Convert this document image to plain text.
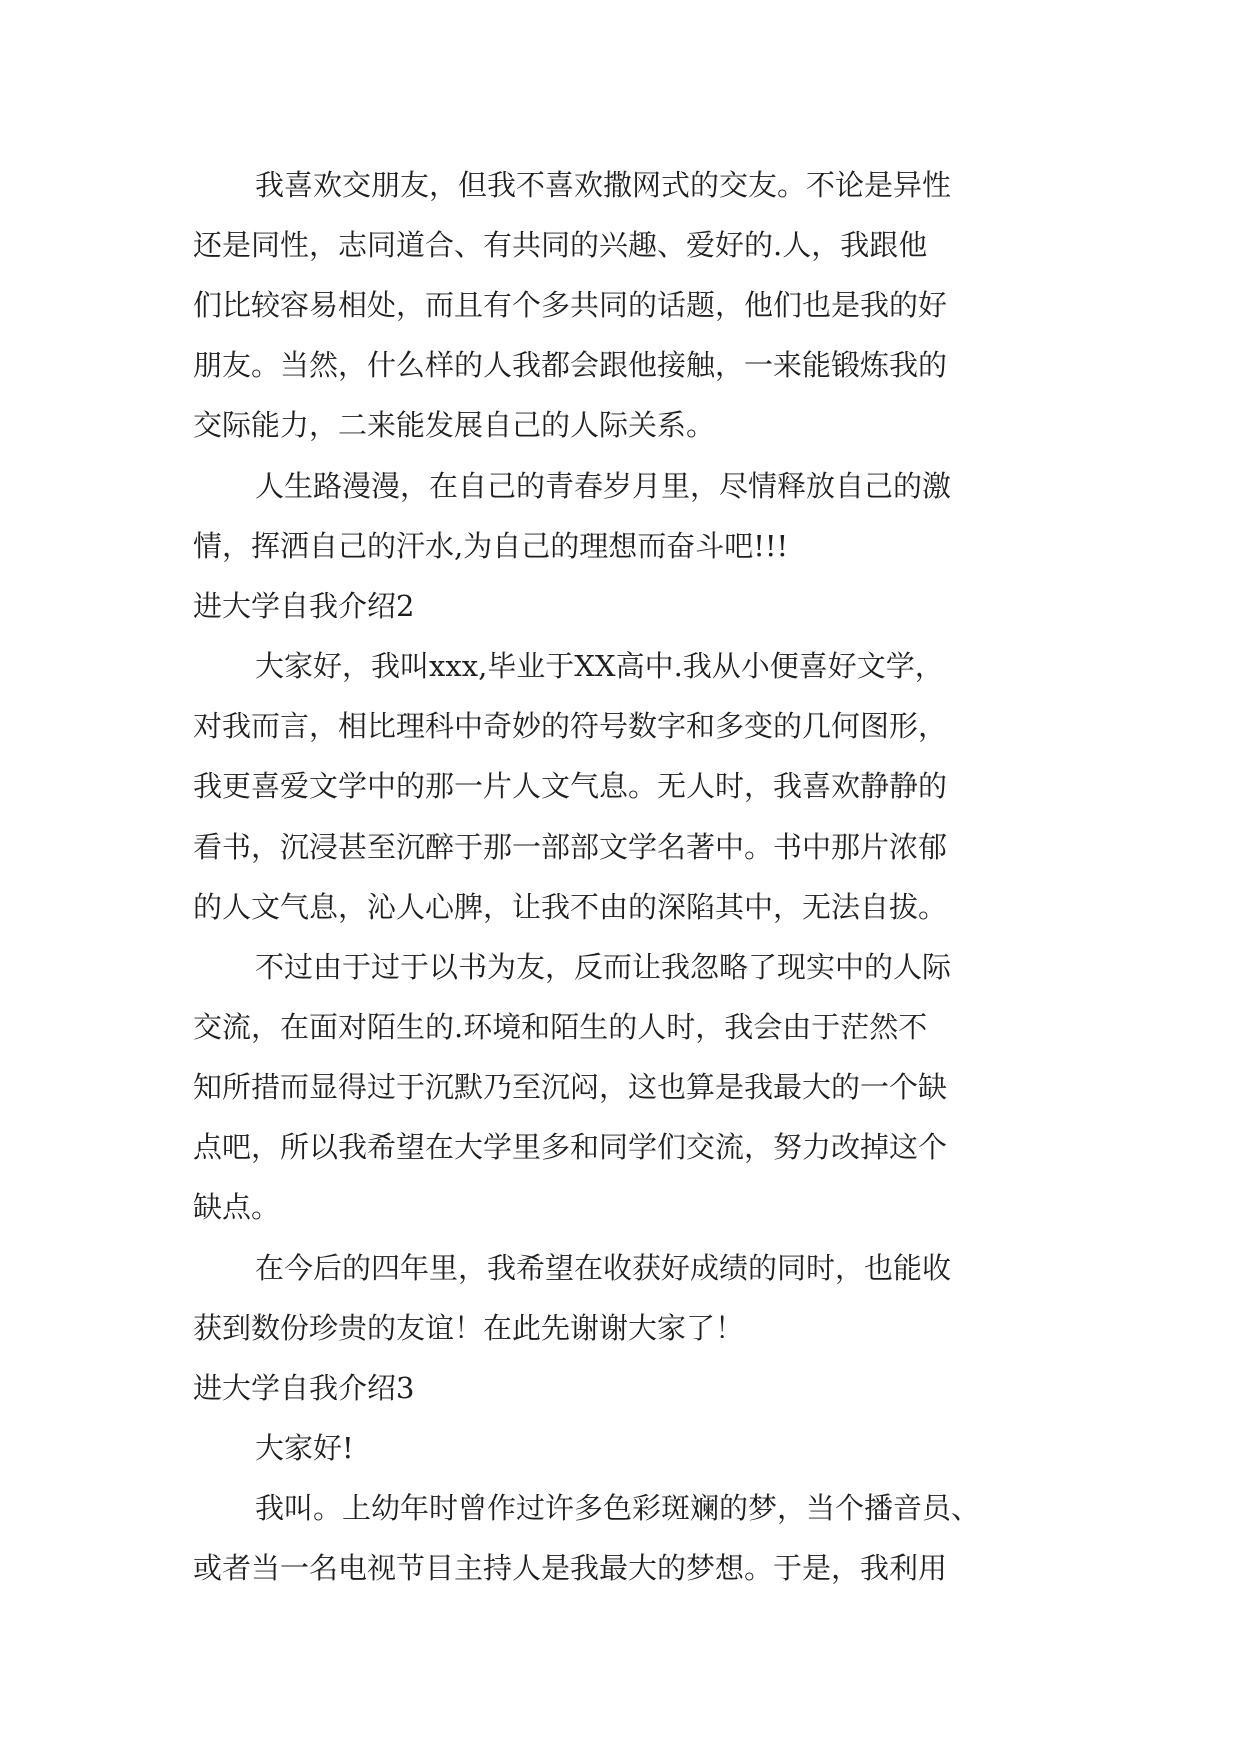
我喜欢交朋友，但我不喜欢撒网式的交友。不论是异性
还是同性，志同道合、有共同的兴趣、爱好的.人，我跟他
们比较容易相处，而且有个多共同的话题，他们也是我的好
朋友。当然，什么样的人我都会跟他接触，一来能锻炼我的
交际能力，二来能发展自己的人际关系。
人生路漫漫，在自己的青春岁月里，尽情释放自己的激
情，挥洒自己的汗水,为自己的理想而奋斗吧!!!
进大学自我介绍2
大家好，我叫xxx,毕业于XX高中.我从小便喜好文学，
对我而言，相比理科中奇妙的符号数字和多变的几何图形，
我更喜爱文学中的那一片人文气息。无人时，我喜欢静静的
看书，沉浸甚至沉醉于那一部部文学名著中。书中那片浓郁
的人文气息，沁人心脾，让我不由的深陷其中，无法自拔。
不过由于过于以书为友，反而让我忽略了现实中的人际
交流，在面对陌生的.环境和陌生的人时，我会由于茫然不
知所措而显得过于沉默乃至沉闷，这也算是我最大的一个缺
点吧，所以我希望在大学里多和同学们交流，努力改掉这个
缺点。
在今后的四年里，我希望在收获好成绩的同时，也能收
获到数份珍贵的友谊！在此先谢谢大家了！
进大学自我介绍3
大家好!
我叫。上幼年时曾作过许多色彩斑斓的梦，当个播音员、
或者当一名电视节目主持人是我最大的梦想。于是，我利用
